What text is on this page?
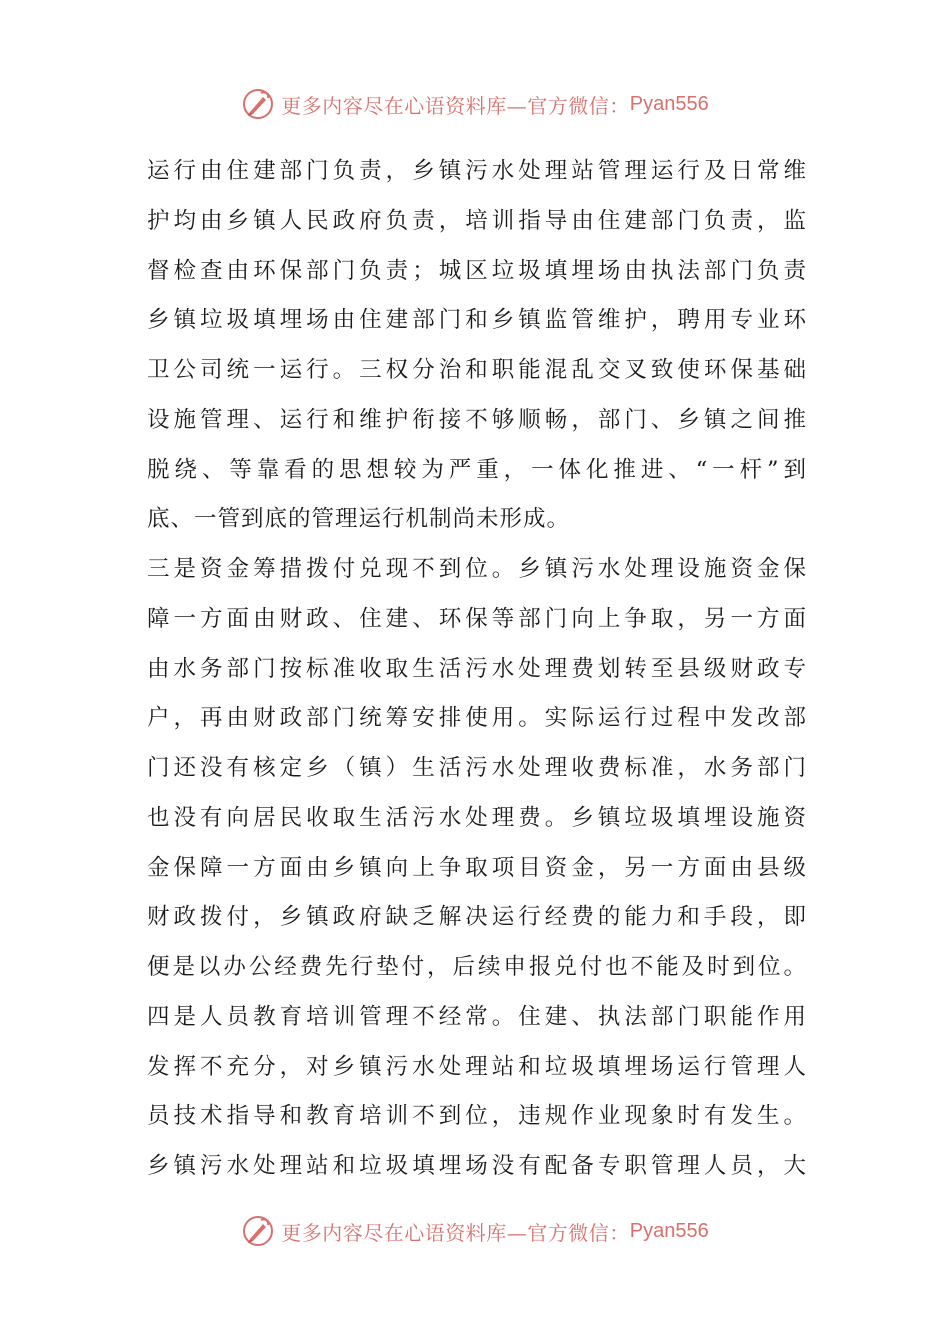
更多内容尽在心语资料库—官方微信： Pyan556
运行由住建部门负责，乡镇污水处理站管理运行及日常维
护均由乡镇人民政府负责，培训指导由住建部门负责，监
督检查由环保部门负责；城区垃圾填埋场由执法部门负责
乡镇垃圾填埋场由住建部门和乡镇监管维护，聘用专业环
卫公司统一运行。三权分治和职能混乱交叉致使环保基础
设施管理、运行和维护衔接不够顺畅，部门、乡镇之间推
脱绕、等靠看的思想较为严重，一体化推进、“一杆”到
底、一管到底的管理运行机制尚未形成。
三是资金筹措拨付兑现不到位。乡镇污水处理设施资金保
障一方面由财政、住建、环保等部门向上争取，另一方面
由水务部门按标准收取生活污水处理费划转至县级财政专
户，再由财政部门统筹安排使用。实际运行过程中发改部
门还没有核定乡（镇）生活污水处理收费标准，水务部门
也没有向居民收取生活污水处理费。乡镇垃圾填埋设施资
金保障一方面由乡镇向上争取项目资金，另一方面由县级
财政拨付，乡镇政府缺乏解决运行经费的能力和手段，即
便是以办公经费先行垫付，后续申报兑付也不能及时到位。
四是人员教育培训管理不经常。住建、执法部门职能作用
发挥不充分，对乡镇污水处理站和垃圾填埋场运行管理人
员技术指导和教育培训不到位，违规作业现象时有发生。
乡镇污水处理站和垃圾填埋场没有配备专职管理人员，大
更多内容尽在心语资料库—官方微信： Pyan556
